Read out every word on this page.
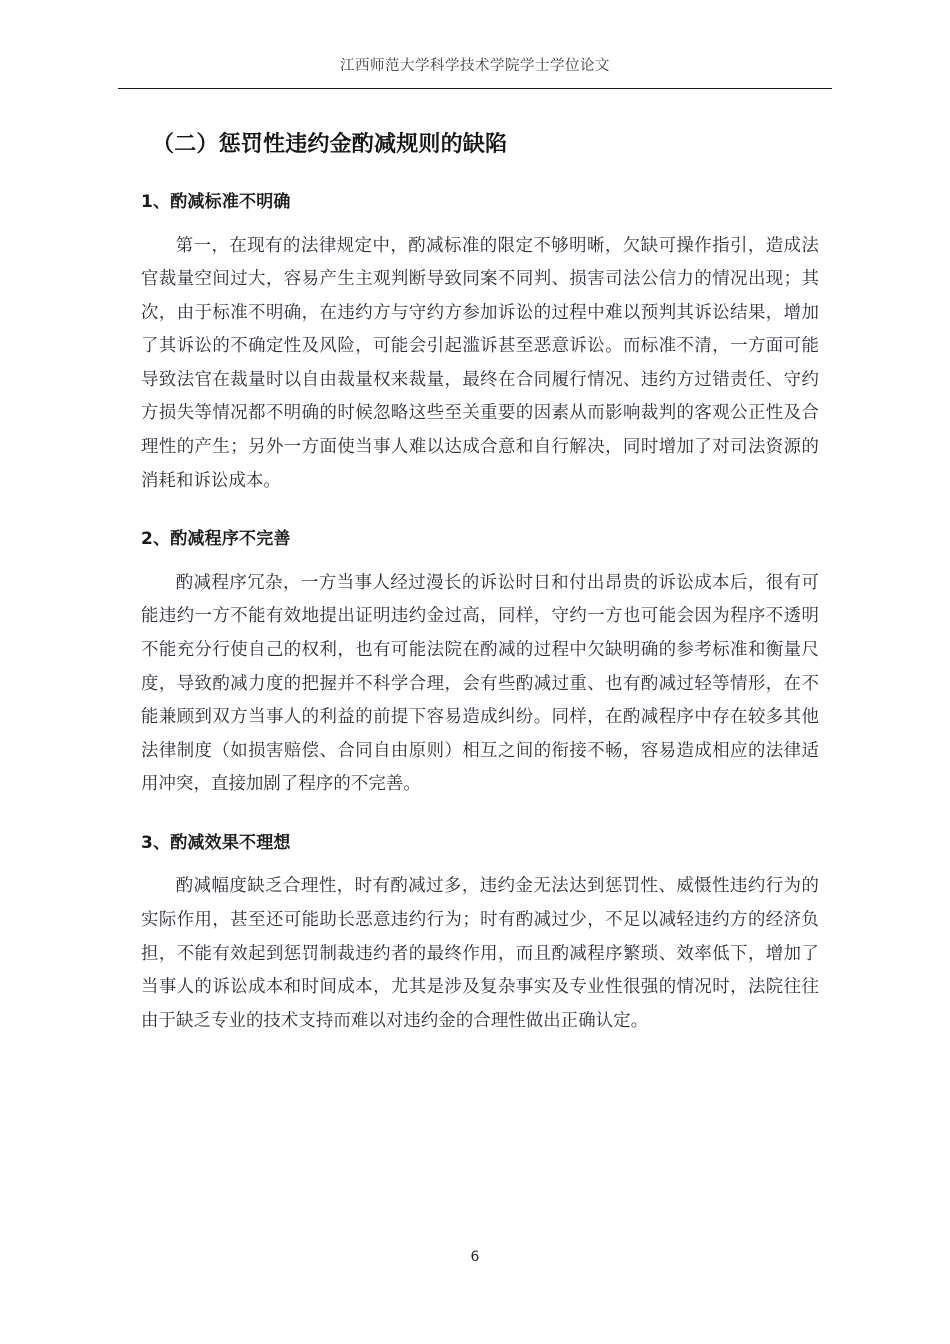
江西师范大学科学技术学院学士学位论文
（二）惩罚性违约金酌减规则的缺陷
1、酌减标准不明确

第一，在现有的法律规定中，酌减标准的限定不够明晰，欠缺可操作指引，造成法官裁量空间过大，容易产生主观判断导致同案不同判、损害司法公信力的情况出现；其次，由于标准不明确，在违约方与守约方参加诉讼的过程中难以预判其诉讼结果，增加了其诉讼的不确定性及风险，可能会引起滥诉甚至恶意诉讼。而标准不清，一方面可能导致法官在裁量时以自由裁量权来裁量，最终在合同履行情况、违约方过错责任、守约方损失等情况都不明确的时候忽略这些至关重要的因素从而影响裁判的客观公正性及合理性的产生；另外一方面使当事人难以达成合意和自行解决，同时增加了对司法资源的消耗和诉讼成本。

2、酌减程序不完善

酌减程序冗杂，一方当事人经过漫长的诉讼时日和付出昂贵的诉讼成本后，很有可能违约一方不能有效地提出证明违约金过高，同样，守约一方也可能会因为程序不透明不能充分行使自己的权利，也有可能法院在酌减的过程中欠缺明确的参考标准和衡量尺度，导致酌减力度的把握并不科学合理，会有些酌减过重、也有酌减过轻等情形，在不能兼顾到双方当事人的利益的前提下容易造成纠纷。同样，在酌减程序中存在较多其他法律制度（如损害赔偿、合同自由原则）相互之间的衔接不畅，容易造成相应的法律适用冲突，直接加剧了程序的不完善。

3、酌减效果不理想

酌减幅度缺乏合理性，时有酌减过多，违约金无法达到惩罚性、威慑性违约行为的实际作用，甚至还可能助长恶意违约行为；时有酌减过少，不足以减轻违约方的经济负担，不能有效起到惩罚制裁违约者的最终作用，而且酌减程序繁琐、效率低下，增加了当事人的诉讼成本和时间成本，尤其是涉及复杂事实及专业性很强的情况时，法院往往由于缺乏专业的技术支持而难以对违约金的合理性做出正确认定。

6
